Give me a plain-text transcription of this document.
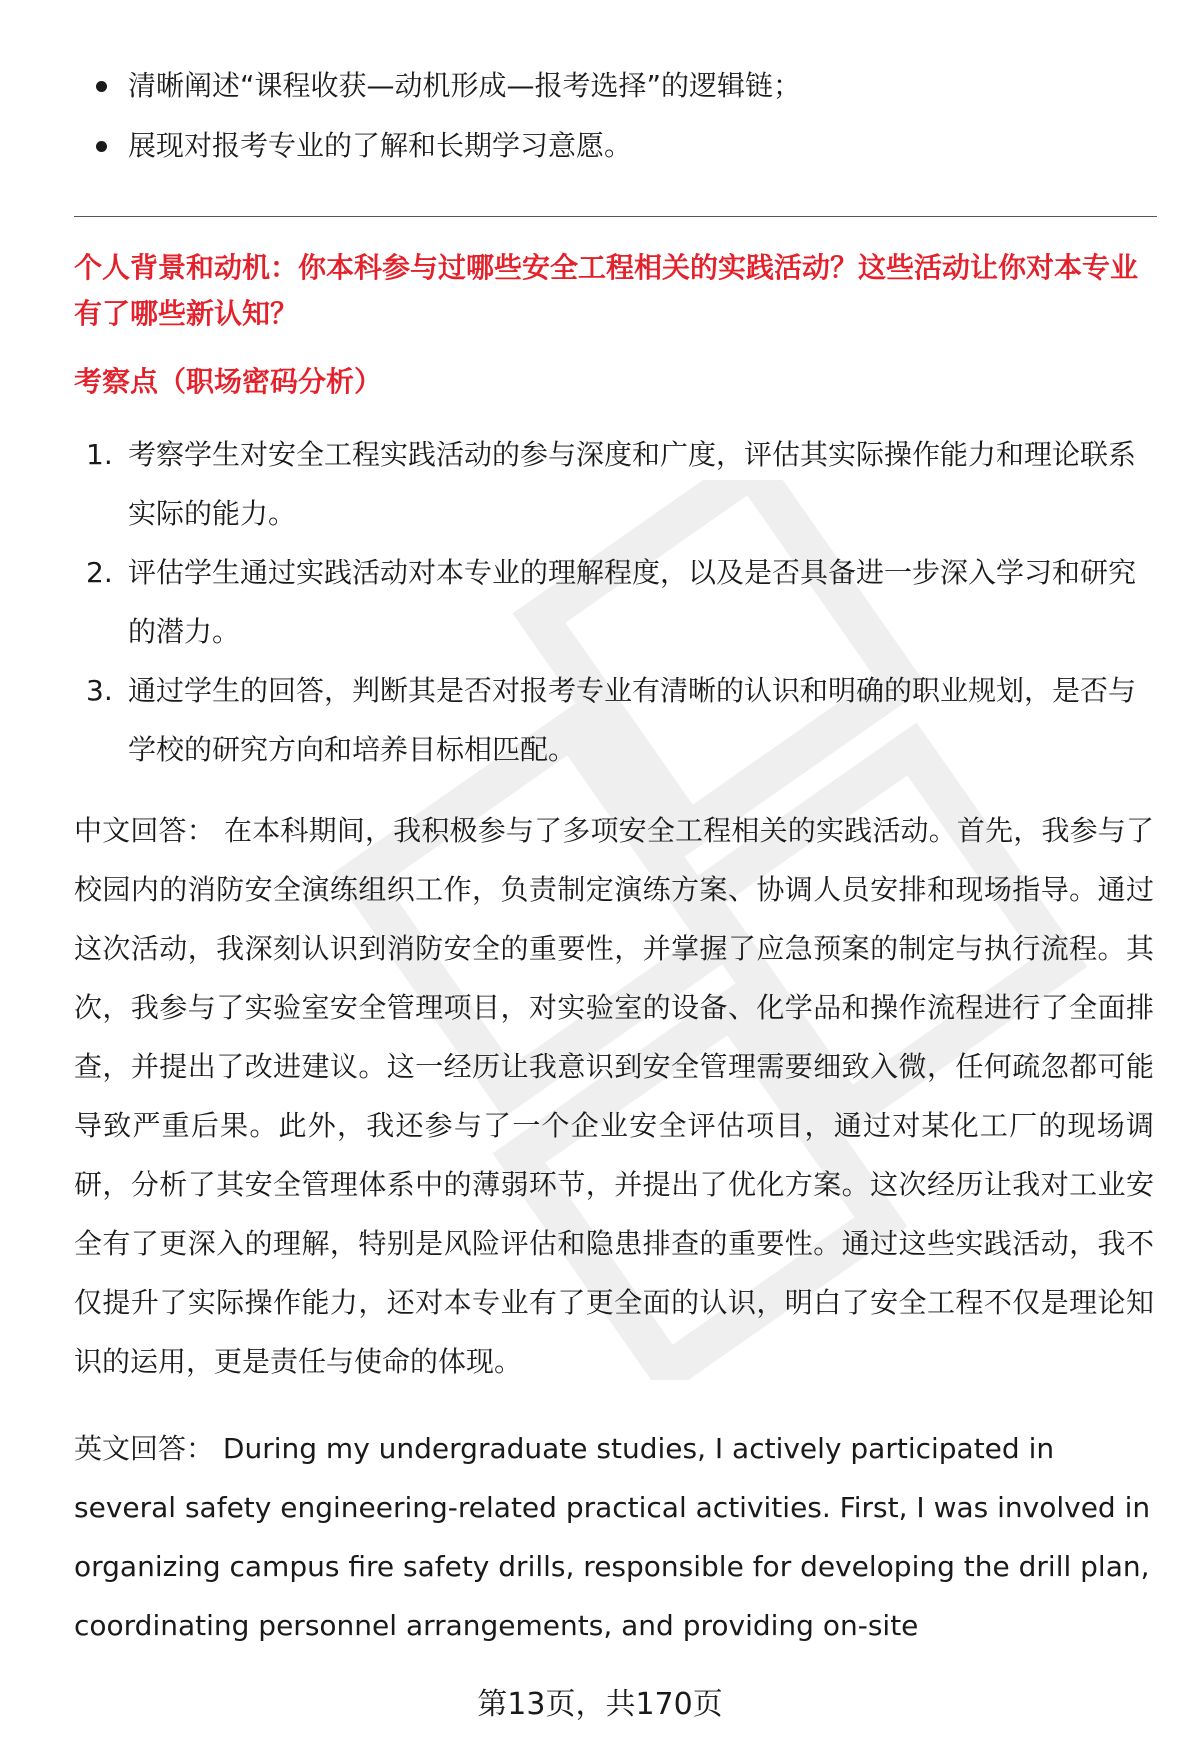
清晰阐述“课程收获—动机形成—报考选择”的逻辑链；
展现对报考专业的了解和长期学习意愿。
个人背景和动机：你本科参与过哪些安全工程相关的实践活动？这些活动让你对本专业有了哪些新认知？
考察点（职场密码分析）
1. 考察学生对安全工程实践活动的参与深度和广度，评估其实际操作能力和理论联系实际的能力。
2. 评估学生通过实践活动对本专业的理解程度，以及是否具备进一步深入学习和研究的潜力。
3. 通过学生的回答，判断其是否对报考专业有清晰的认识和明确的职业规划，是否与学校的研究方向和培养目标相匹配。

中文回答： 在本科期间，我积极参与了多项安全工程相关的实践活动。首先，我参与了校园内的消防安全演练组织工作，负责制定演练方案、协调人员安排和现场指导。通过这次活动，我深刻认识到消防安全的重要性，并掌握了应急预案的制定与执行流程。其次，我参与了实验室安全管理项目，对实验室的设备、化学品和操作流程进行了全面排查，并提出了改进建议。这一经历让我意识到安全管理需要细致入微，任何疏忽都可能导致严重后果。此外，我还参与了一个企业安全评估项目，通过对某化工厂的现场调研，分析了其安全管理体系中的薄弱环节，并提出了优化方案。这次经历让我对工业安全有了更深入的理解，特别是风险评估和隐患排查的重要性。通过这些实践活动，我不仅提升了实际操作能力，还对本专业有了更全面的认识，明白了安全工程不仅是理论知识的运用，更是责任与使命的体现。

英文回答： During my undergraduate studies, I actively participated in several safety engineering-related practical activities. First, I was involved in organizing campus fire safety drills, responsible for developing the drill plan, coordinating personnel arrangements, and providing on-site

第13页，共170页
